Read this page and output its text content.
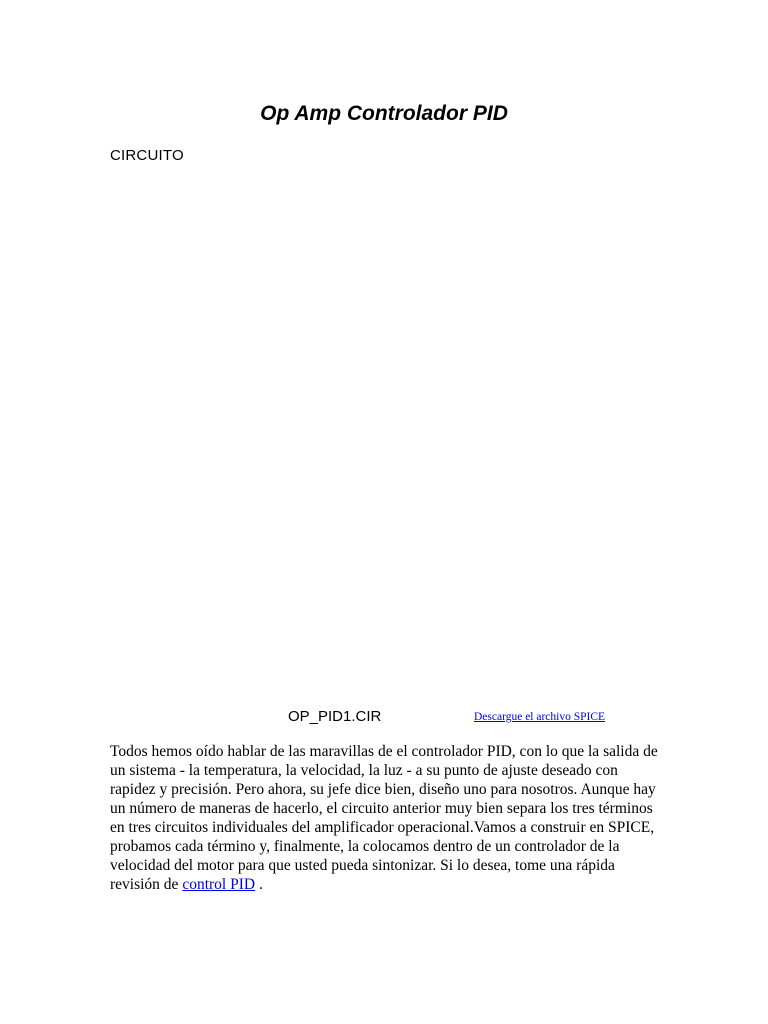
Op Amp Controlador PID
CIRCUITO
OP_PID1.CIR	Descargue el archivo SPICE

Todos hemos oído hablar de las maravillas de el controlador PID, con lo que la salida de un sistema - la temperatura, la velocidad, la luz - a su punto de ajuste deseado con rapidez y precisión. Pero ahora, su jefe dice bien, diseño uno para nosotros. Aunque hay un número de maneras de hacerlo, el circuito anterior muy bien separa los tres términos en tres circuitos individuales del amplificador operacional.Vamos a construir en SPICE, probamos cada término y, finalmente, la colocamos dentro de un controlador de la velocidad del motor para que usted pueda sintonizar. Si lo desea, tome una rápida revisión de control PID .
